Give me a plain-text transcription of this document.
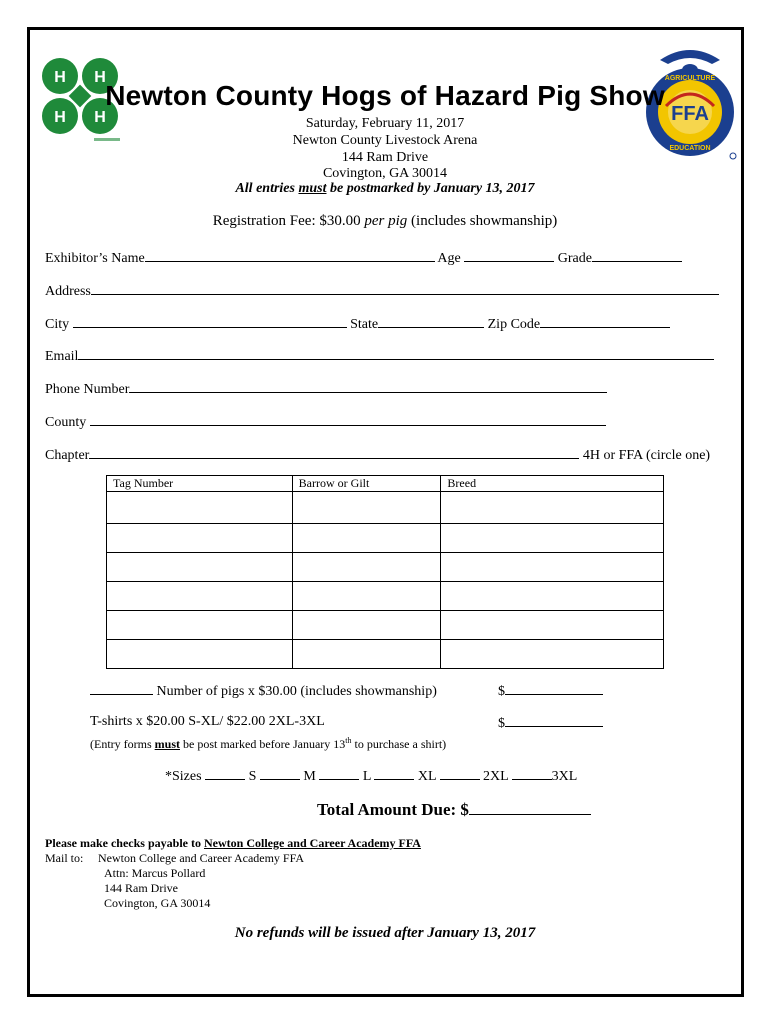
Newton County Hogs of Hazard Pig Show
H H
H H	FFA
AGRICULTURE
EDUCATION
Saturday, February 11, 2017
Newton County Livestock Arena
144 Ram Drive
Covington, GA 30014
All entries must be postmarked by January 13, 2017
Registration Fee: $30.00 per pig (includes showmanship)
Exhibitor’s Name	Age	Grade
Address
City	State	Zip Code
Email
Phone Number
County
Chapter	4H or FFA (circle one)
Tag Number	Barrow or Gilt	Breed

Number of pigs x $30.00 (includes showmanship)	$
T-shirts x $20.00 S-XL/ $22.00 2XL-3XL	$
(Entry forms must be post marked before January 13th to purchase a shirt)
*Sizes	S	M	L	XL	2XL	3XL
Total Amount Due: $
Please make checks payable to Newton College and Career Academy FFA
Mail to: Newton College and Career Academy FFA
Attn: Marcus Pollard
144 Ram Drive
Covington, GA 30014
No refunds will be issued after January 13, 2017
